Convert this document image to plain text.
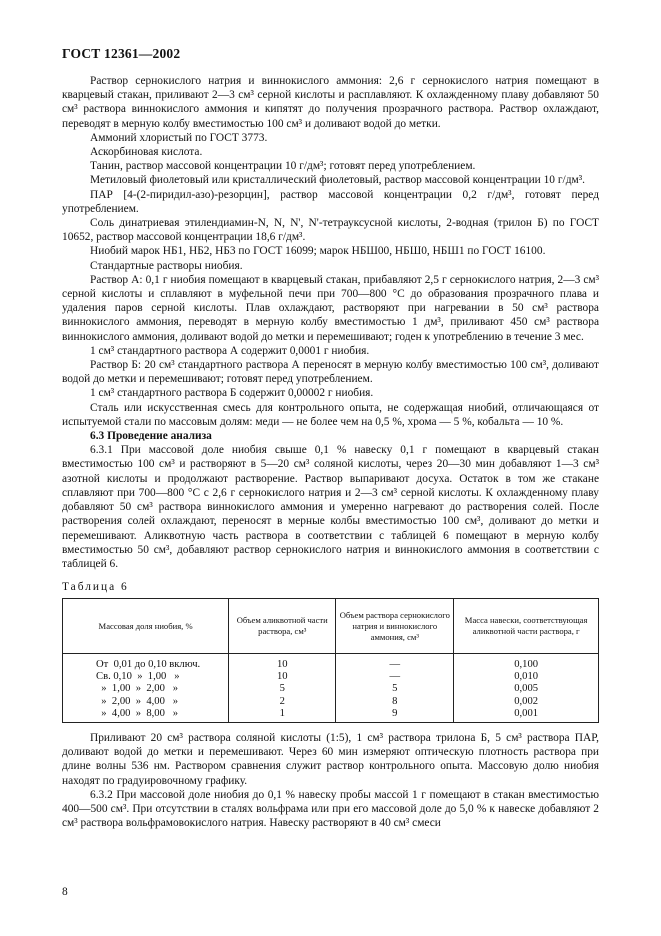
ГОСТ 12361—2002

Раствор сернокислого натрия и виннокислого аммония: 2,6 г сернокислого натрия помещают в кварцевый стакан, приливают 2—3 см³ серной кислоты и расплавляют. К охлажденному плаву добавляют 50 см³ раствора виннокислого аммония и кипятят до получения прозрачного раствора. Раствор охлаждают, переводят в мерную колбу вместимостью 100 см³ и доливают водой до метки.

Аммоний хлористый по ГОСТ 3773.

Аскорбиновая кислота.

Танин, раствор массовой концентрации 10 г/дм³; готовят перед употреблением.

Метиловый фиолетовый или кристаллический фиолетовый, раствор массовой концентрации 10 г/дм³.

ПАР [4-(2-пиридил-азо)-резорцин], раствор массовой концентрации 0,2 г/дм³, готовят перед употреблением.

Соль динатриевая этилендиамин-N, N, N', N'-тетрауксусной кислоты, 2-водная (трилон Б) по ГОСТ 10652, раствор массовой концентрации 18,6 г/дм³.

Ниобий марок НБ1, НБ2, НБ3 по ГОСТ 16099; марок НБШ00, НБШ0, НБШ1 по ГОСТ 16100.

Стандартные растворы ниобия.

Раствор А: 0,1 г ниобия помещают в кварцевый стакан, прибавляют 2,5 г сернокислого натрия, 2—3 см³ серной кислоты и сплавляют в муфельной печи при 700—800 °С до образования прозрачного плава и удаления паров серной кислоты. Плав охлаждают, растворяют при нагревании в 50 см³ раствора виннокислого аммония, переводят в мерную колбу вместимостью 1 дм³, приливают 450 см³ раствора виннокислого аммония, доливают водой до метки и перемешивают; годен к употреблению в течение 3 мес.

1 см³ стандартного раствора А содержит 0,0001 г ниобия.

Раствор Б: 20 см³ стандартного раствора А переносят в мерную колбу вместимостью 100 см³, доливают водой до метки и перемешивают; готовят перед употреблением.

1 см³ стандартного раствора Б содержит 0,00002 г ниобия.

Сталь или искусственная смесь для контрольного опыта, не содержащая ниобий, отличающаяся от испытуемой стали по массовым долям: меди — не более чем на 0,5 %, хрома — 5 %, кобальта — 10 %.

6.3 Проведение анализа

6.3.1 При массовой доле ниобия свыше 0,1 % навеску 0,1 г помещают в кварцевый стакан вместимостью 100 см³ и растворяют в 5—20 см³ соляной кислоты, через 20—30 мин добавляют 1—3 см³ азотной кислоты и продолжают растворение. Раствор выпаривают досуха. Остаток в том же стакане сплавляют при 700—800 °С с 2,6 г сернокислого натрия и 2—3 см³ серной кислоты. К охлажденному плаву добавляют 50 см³ раствора виннокислого аммония и умеренно нагревают до растворения солей. После растворения солей охлаждают, переносят в мерные колбы вместимостью 100 см³, доливают до метки и перемешивают. Аликвотную часть раствора в соответствии с таблицей 6 помещают в мерную колбу вместимостью 50 см³, добавляют раствор сернокислого натрия и виннокислого аммония в соответствии с таблицей 6.

Таблица 6
Массовая доля ниобия, %	Объем аликвотной части раствора, см³	Объем раствора сернокислого натрия и виннокислого аммония, см³	Масса навески, соответствующая аликвотной части раствора, г
От  0,01 до 0,10 включ.	10	—	0,100
Св. 0,10  »  1,00   »	10	—	0,010
»  1,00  »  2,00   »	5	5	0,005
»  2,00  »  4,00   »	2	8	0,002
»  4,00  »  8,00   »	1	9	0,001

Приливают 20 см³ раствора соляной кислоты (1:5), 1 см³ раствора трилона Б, 5 см³ раствора ПАР, доливают водой до метки и перемешивают. Через 60 мин измеряют оптическую плотность раствора при длине волны 536 нм. Раствором сравнения служит раствор контрольного опыта. Массовую долю ниобия находят по градуировочному графику.

6.3.2 При массовой доле ниобия до 0,1 % навеску пробы массой 1 г помещают в стакан вместимостью 400—500 см³. При отсутствии в сталях вольфрама или при его массовой доле до 5,0 % к навеске добавляют 2 см³ раствора вольфрамовокислого натрия. Навеску растворяют в 40 см³ смеси

8
